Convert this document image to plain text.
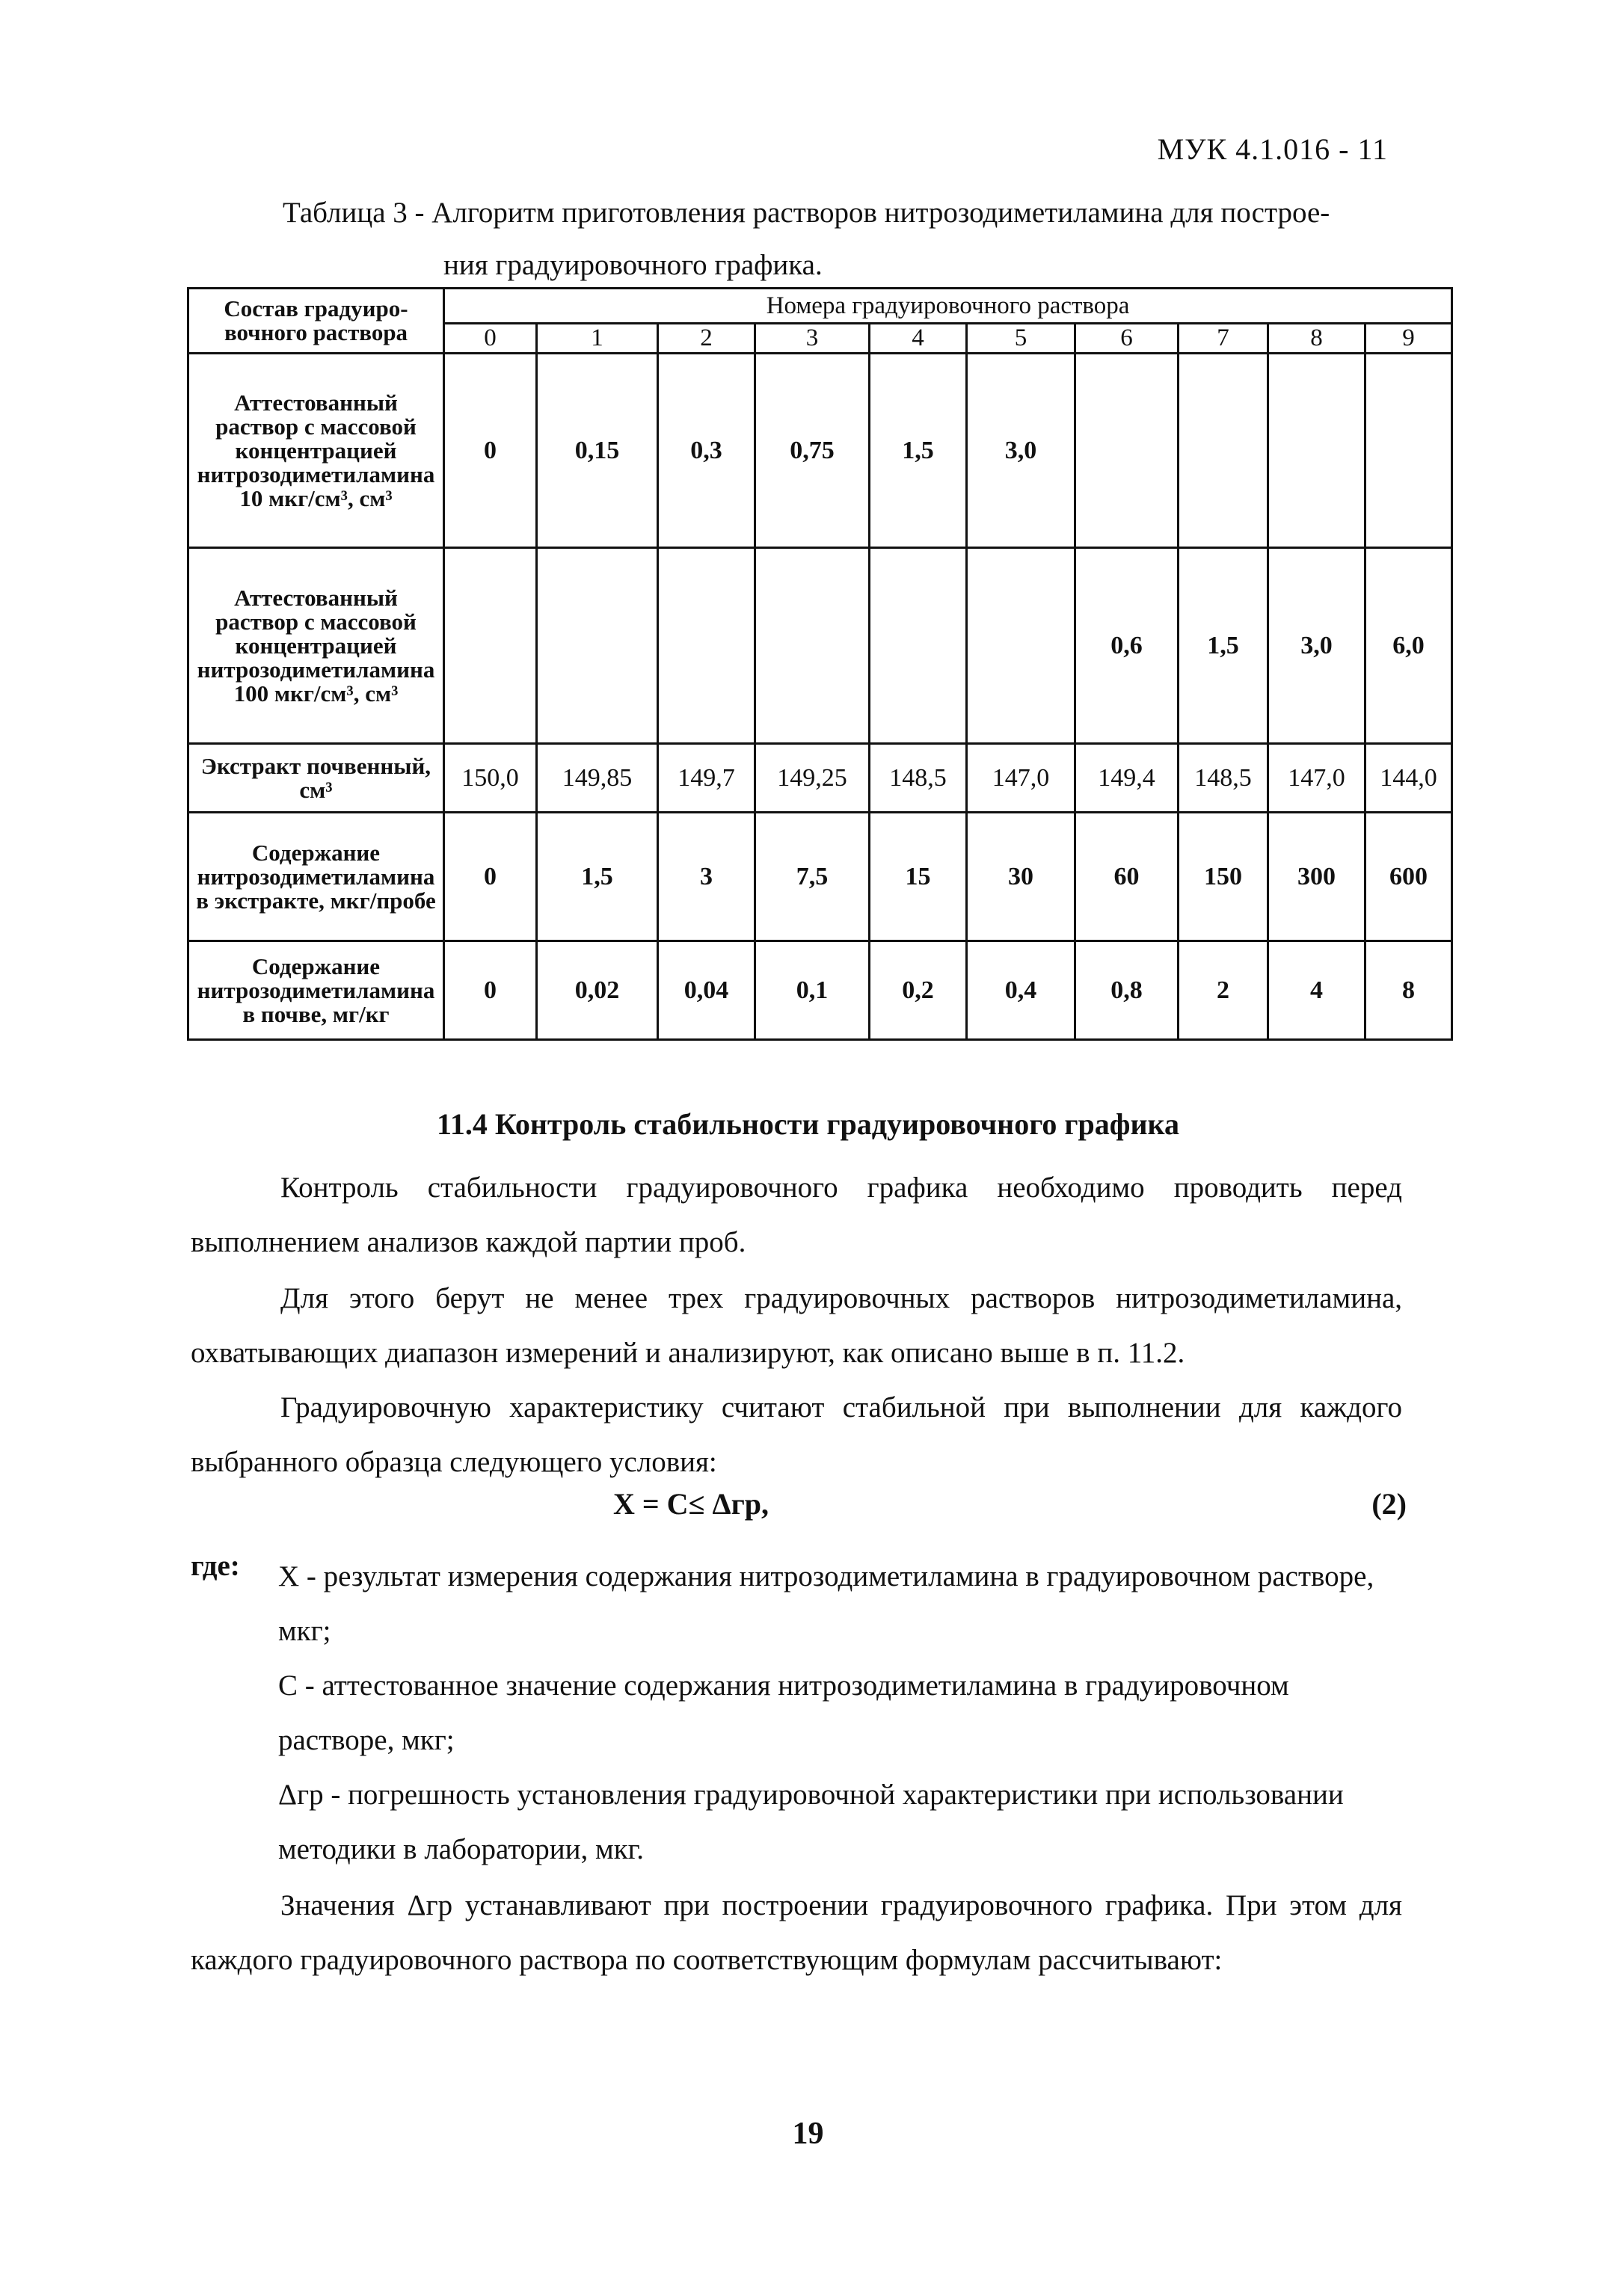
МУК 4.1.016 - 11
Таблица 3 - Алгоритм приготовления растворов нитрозодиметиламина для построе-
ния градуировочного графика.
Состав градуиро-вочного раствора	Номера градуировочного раствора									
	0	1	2	3	4	5	6	7	8	9
Аттестованный раствор с массовой концентрацией нитрозодиметиламина 10 мкг/см³, см³	0	0,15	0,3	0,75	1,5	3,0				
Аттестованный раствор с массовой концентрацией нитрозодиметиламина 100 мкг/см³, см³							0,6	1,5	3,0	6,0
Экстракт почвенный, см³	150,0	149,85	149,7	149,25	148,5	147,0	149,4	148,5	147,0	144,0
Содержание нитрозодиметиламина в экстракте, мкг/пробе	0	1,5	3	7,5	15	30	60	150	300	600
Содержание нитрозодиметиламина в почве, мг/кг	0	0,02	0,04	0,1	0,2	0,4	0,8	2	4	8
11.4 Контроль стабильности градуировочного графика
Контроль стабильности градуировочного графика необходимо проводить перед выполнением анализов каждой партии проб.
Для этого берут не менее трех градуировочных растворов нитрозодиметиламина, охватывающих диапазон измерений и анализируют, как описано выше в п. 11.2.
Градуировочную характеристику считают стабильной при выполнении для каждого выбранного образца следующего условия:
X = C≤ Δгр,	(2)
где: X - результат измерения содержания нитрозодиметиламина в градуировочном растворе, мкг;
С - аттестованное значение содержания нитрозодиметиламина в градуировочном растворе, мкг;
Δгр - погрешность установления градуировочной характеристики при использовании методики в лаборатории, мкг.
Значения Δгр устанавливают при построении градуировочного графика. При этом для каждого градуировочного раствора по соответствующим формулам рассчитывают:
19
